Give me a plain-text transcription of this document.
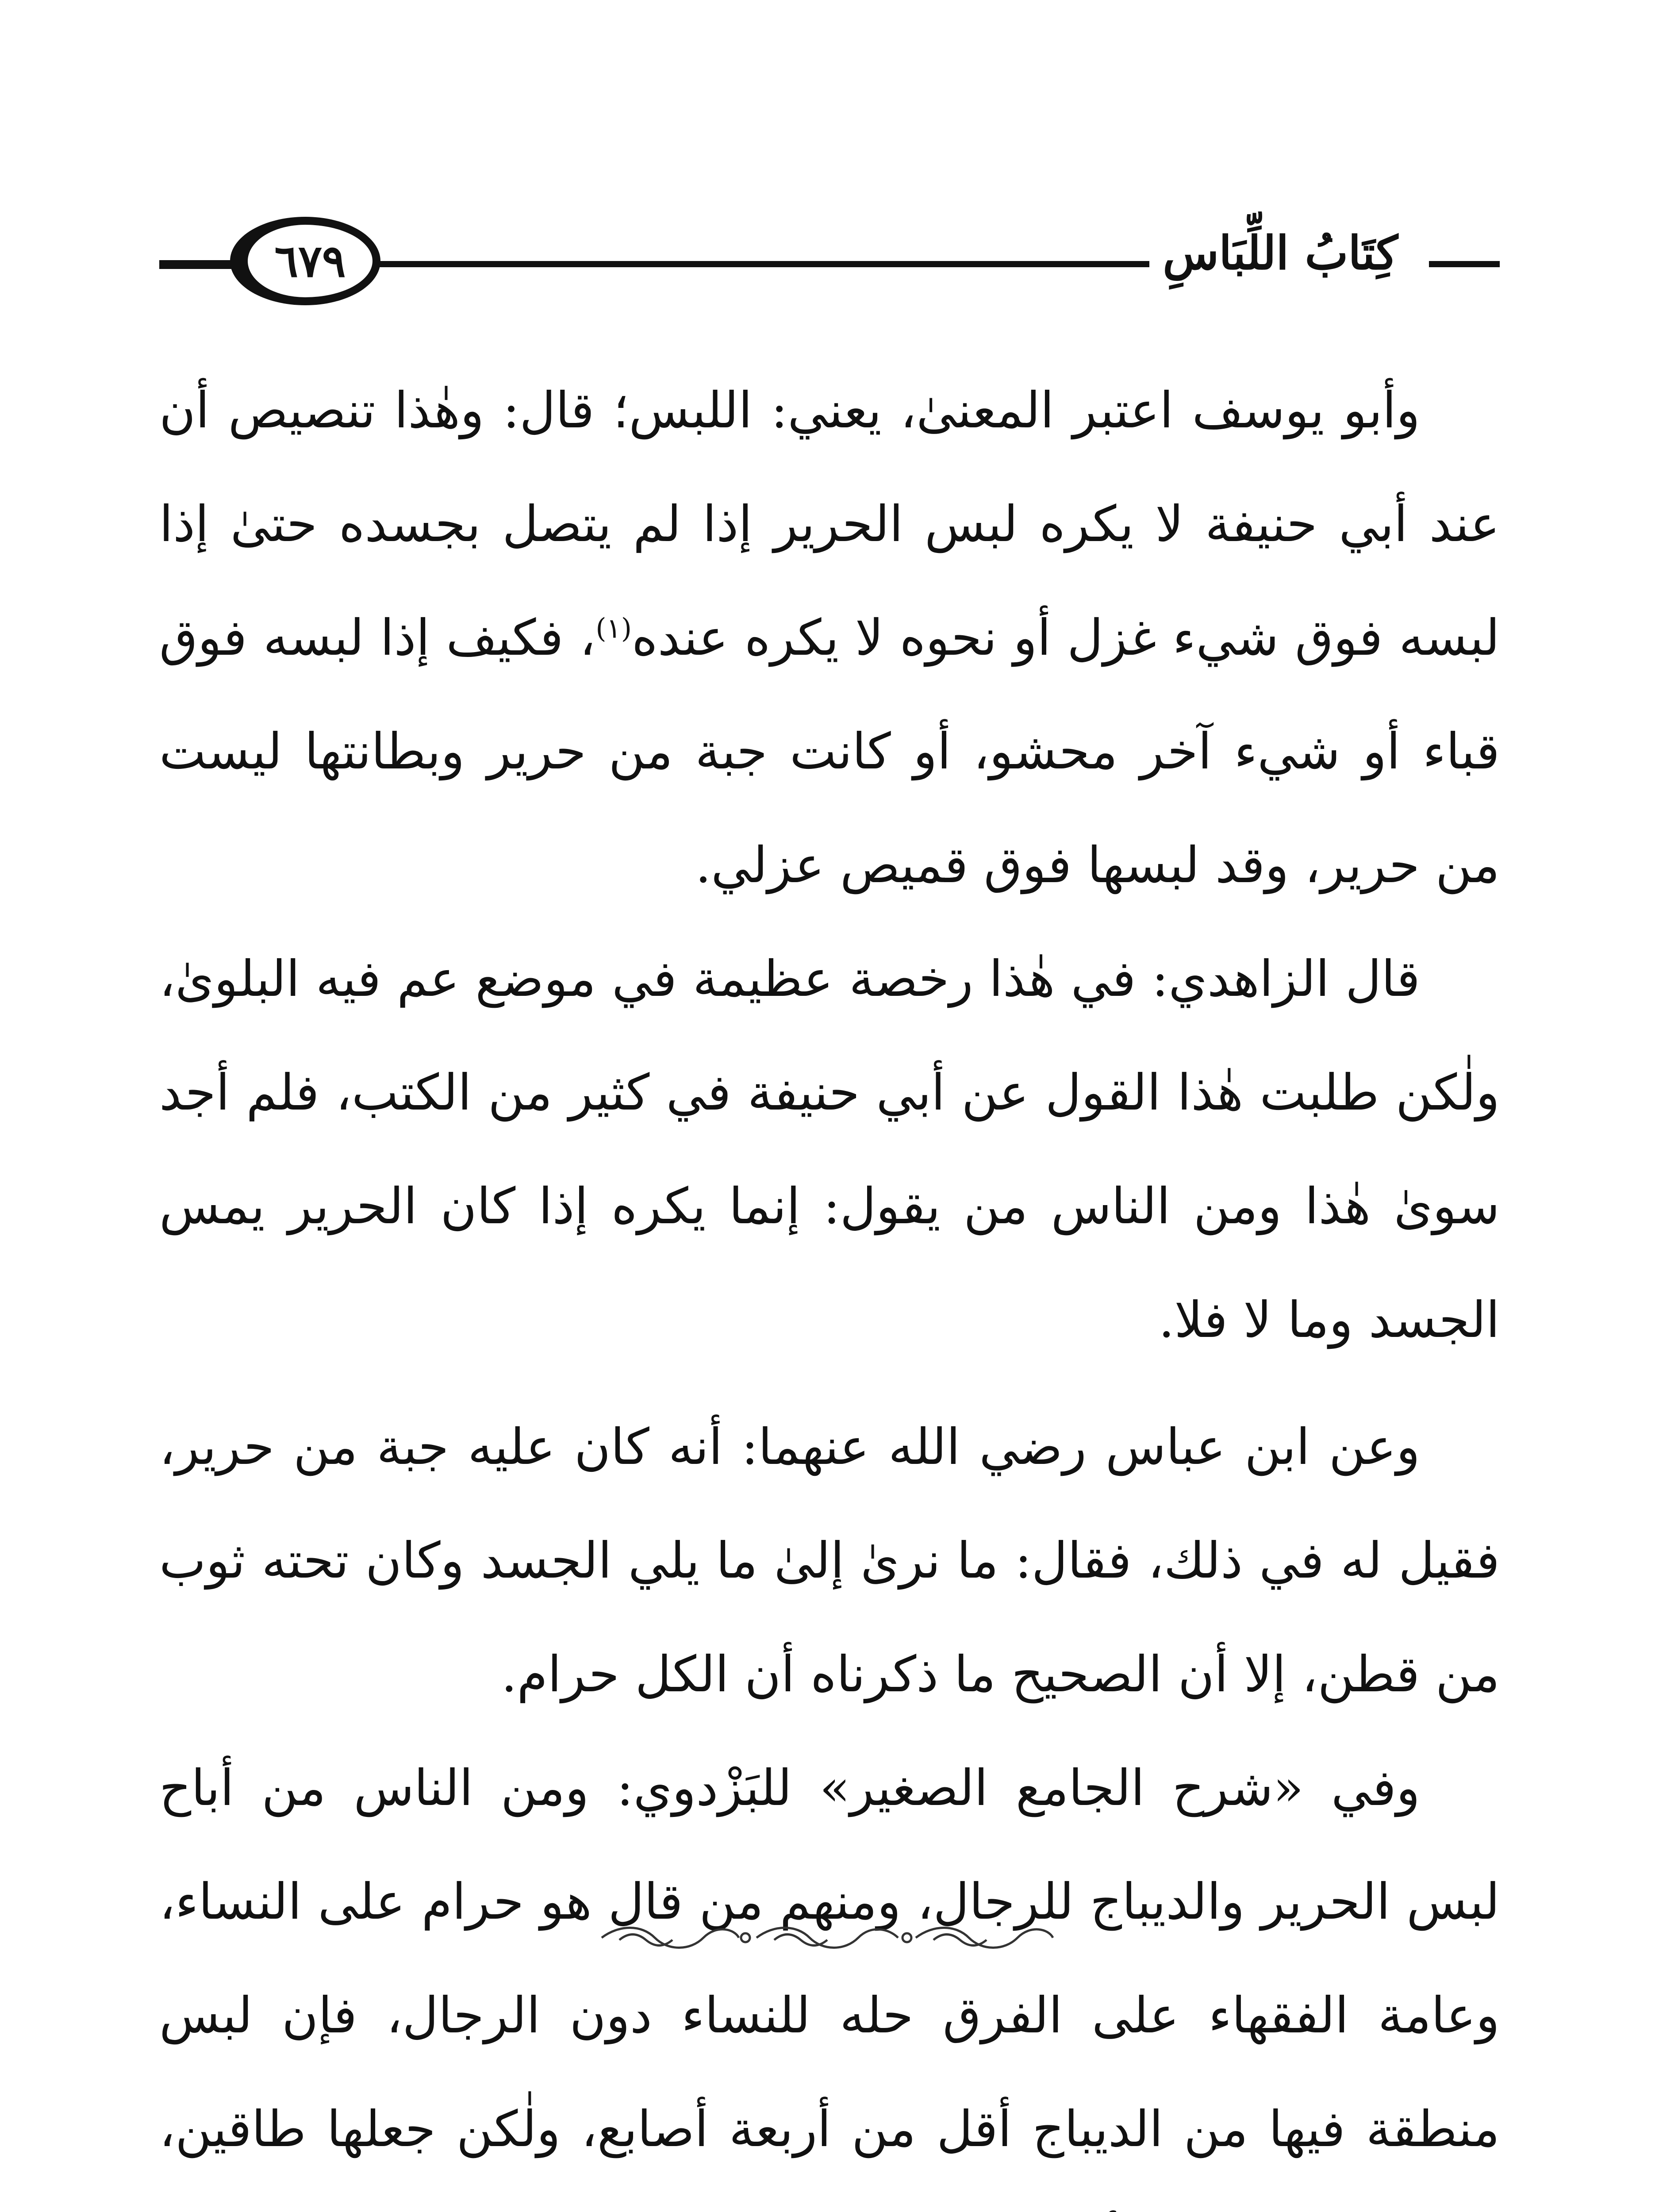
٦٧٩	كِتَابُ اللِّبَاسِ

وأبو يوسف اعتبر المعنىٰ، يعني: اللبس؛ قال: وهٰذا تنصيص أن عند أبي حنيفة لا يكره لبس الحرير إذا لم يتصل بجسده حتىٰ إذا لبسه فوق شيء غزل أو نحوه لا يكره عنده$^{(١)}$، فكيف إذا لبسه فوق قباء أو شيء آخر محشو، أو كانت جبة من حرير وبطانتها ليست من حرير، وقد لبسها فوق قميص عزلي.

قال الزاهدي: في هٰذا رخصة عظيمة في موضع عم فيه البلوىٰ، ولٰكن طلبت هٰذا القول عن أبي حنيفة في كثير من الكتب، فلم أجد سوىٰ هٰذا ومن الناس من يقول: إنما يكره إذا كان الحرير يمس الجسد وما لا فلا.

وعن ابن عباس رضي الله عنهما: أنه كان عليه جبة من حرير، فقيل له في ذلك، فقال: ما نرىٰ إلىٰ ما يلي الجسد وكان تحته ثوب من قطن، إلا أن الصحيح ما ذكرناه أن الكل حرام.

وفي «شرح الجامع الصغير» للبَزْدوي: ومن الناس من أباح لبس الحرير والديباج للرجال، ومنهم من قال هو حرام على النساء، وعامة الفقهاء على الفرق حله للنساء دون الرجال، فإن لبس منطقة فيها من الديباج أقل من أربعة أصابع، ولٰكن جعلها طاقين،
